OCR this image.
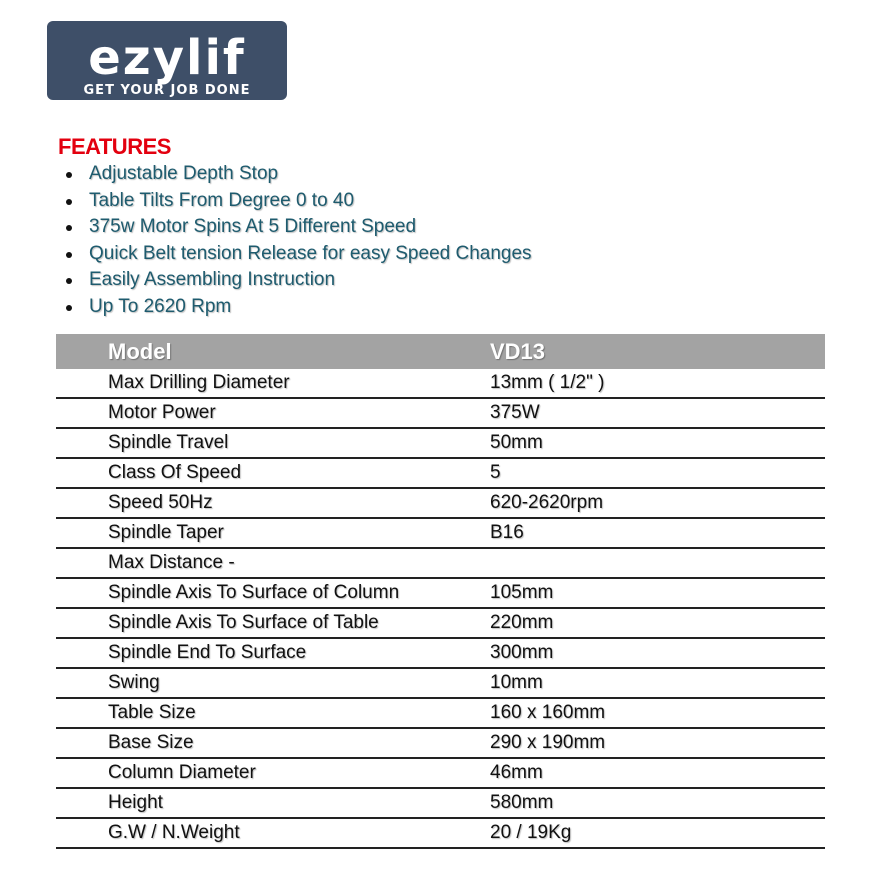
ezylif
GET YOUR JOB DONE
FEATURES
Adjustable Depth Stop
Table Tilts From Degree 0 to 40
375w Motor Spins At 5 Different Speed
Quick Belt tension Release for easy Speed Changes
Easily Assembling Instruction
Up To 2620 Rpm
Model	VD13
Max Drilling Diameter	13mm ( 1/2" )
Motor Power	375W
Spindle Travel	50mm
Class Of Speed	5
Speed 50Hz	620-2620rpm
Spindle Taper	B16
Max Distance -	
Spindle Axis To Surface of Column	105mm
Spindle Axis To Surface of Table	220mm
Spindle End To Surface	300mm
Swing	10mm
Table Size	160 x 160mm
Base Size	290 x 190mm
Column Diameter	46mm
Height	580mm
G.W / N.Weight	20 / 19Kg
